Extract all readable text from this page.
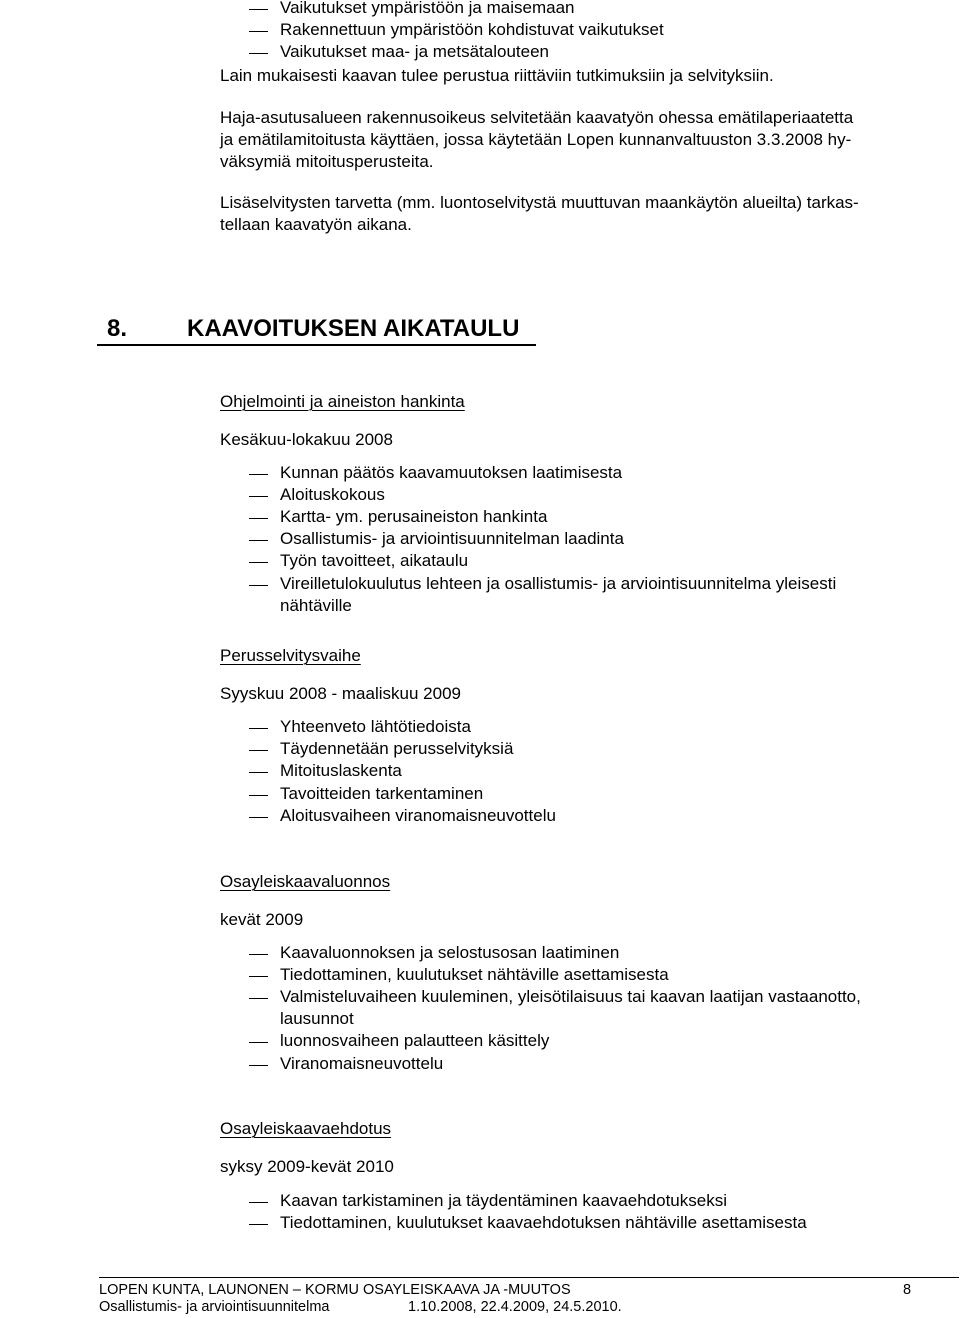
Vaikutukset ympäristöön ja maisemaan
Rakennettuun ympäristöön kohdistuvat vaikutukset
Vaikutukset maa- ja metsätalouteen
Lain mukaisesti kaavan tulee perustua riittäviin tutkimuksiin ja selvityksiin.
Haja-asutusalueen rakennusoikeus selvitetään kaavatyön ohessa emätilaperiaatetta
ja emätilamitoitusta käyttäen, jossa käytetään Lopen kunnanvaltuuston 3.3.2008 hy-
väksymiä mitoitusperusteita.
Lisäselvitysten tarvetta (mm. luontoselvitystä muuttuvan maankäytön alueilta) tarkas-
tellaan kaavatyön aikana.
8. KAAVOITUKSEN AIKATAULU
Ohjelmointi ja aineiston hankinta
Kesäkuu-lokakuu 2008
Kunnan päätös kaavamuutoksen laatimisesta
Aloituskokous
Kartta- ym. perusaineiston hankinta
Osallistumis- ja arviointisuunnitelman laadinta
Työn tavoitteet, aikataulu
Vireilletulokuulutus lehteen ja osallistumis- ja arviointisuunnitelma yleisesti
nähtäville
Perusselvitysvaihe
Syyskuu 2008 - maaliskuu 2009
Yhteenveto lähtötiedoista
Täydennetään perusselvityksiä
Mitoituslaskenta
Tavoitteiden tarkentaminen
Aloitusvaiheen viranomaisneuvottelu
Osayleiskaavaluonnos
kevät 2009
Kaavaluonnoksen ja selostusosan laatiminen
Tiedottaminen, kuulutukset nähtäville asettamisesta
Valmisteluvaiheen kuuleminen, yleisötilaisuus tai kaavan laatijan vastaanotto,
lausunnot
luonnosvaiheen palautteen käsittely
Viranomaisneuvottelu
Osayleiskaavaehdotus
syksy 2009-kevät 2010
Kaavan tarkistaminen ja täydentäminen kaavaehdotukseksi
Tiedottaminen, kuulutukset kaavaehdotuksen nähtäville asettamisesta
LOPEN KUNTA, LAUNONEN – KORMU OSAYLEISKAAVA JA -MUUTOS	8
Osallistumis- ja arviointisuunnitelma	1.10.2008, 22.4.2009, 24.5.2010.
